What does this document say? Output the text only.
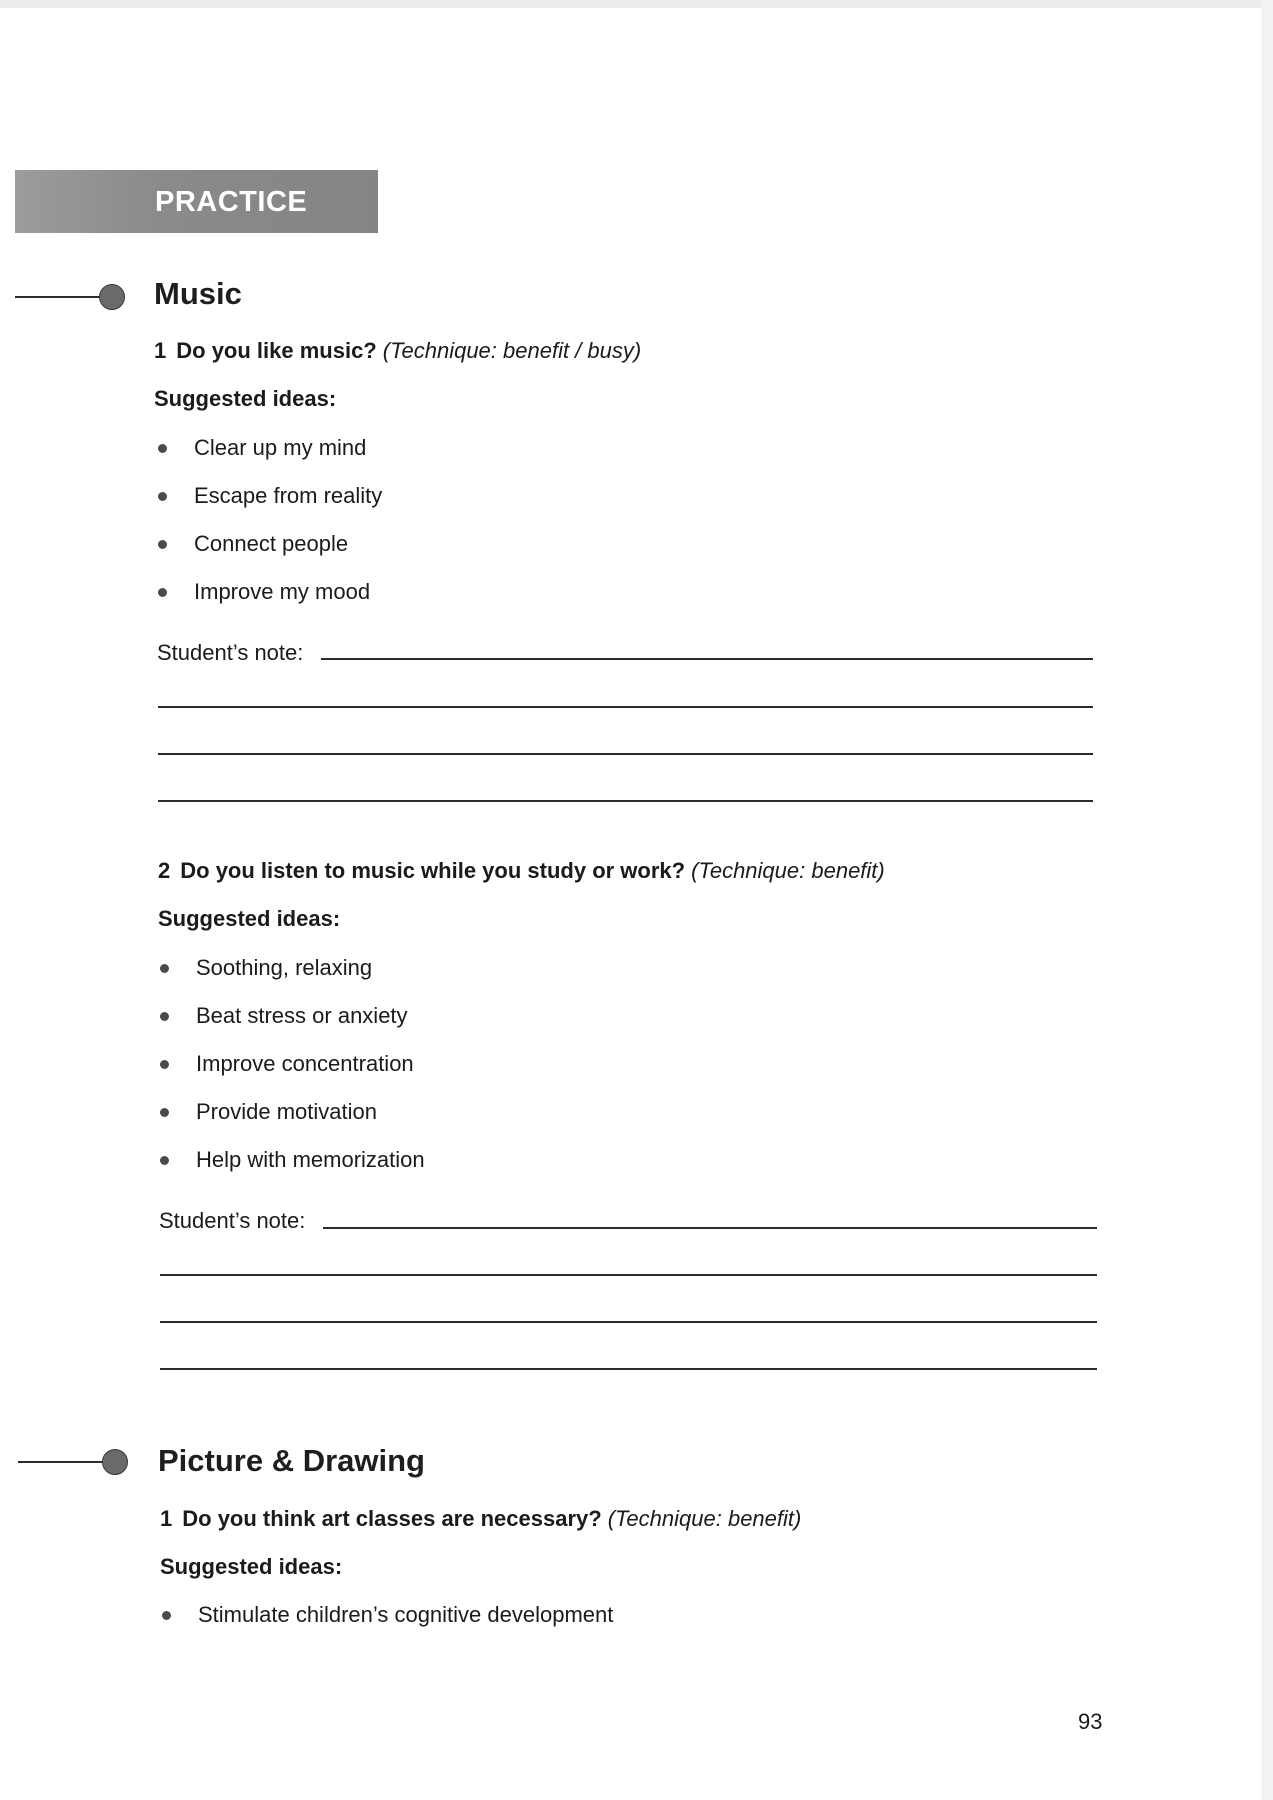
PRACTICE
Music
1 Do you like music? (Technique: benefit / busy)
Suggested ideas:
Clear up my mind
Escape from reality
Connect people
Improve my mood
Student’s note:
2 Do you listen to music while you study or work? (Technique: benefit)
Suggested ideas:
Soothing, relaxing
Beat stress or anxiety
Improve concentration
Provide motivation
Help with memorization
Student’s note:
Picture & Drawing
1 Do you think art classes are necessary? (Technique: benefit)
Suggested ideas:
Stimulate children’s cognitive development
93
